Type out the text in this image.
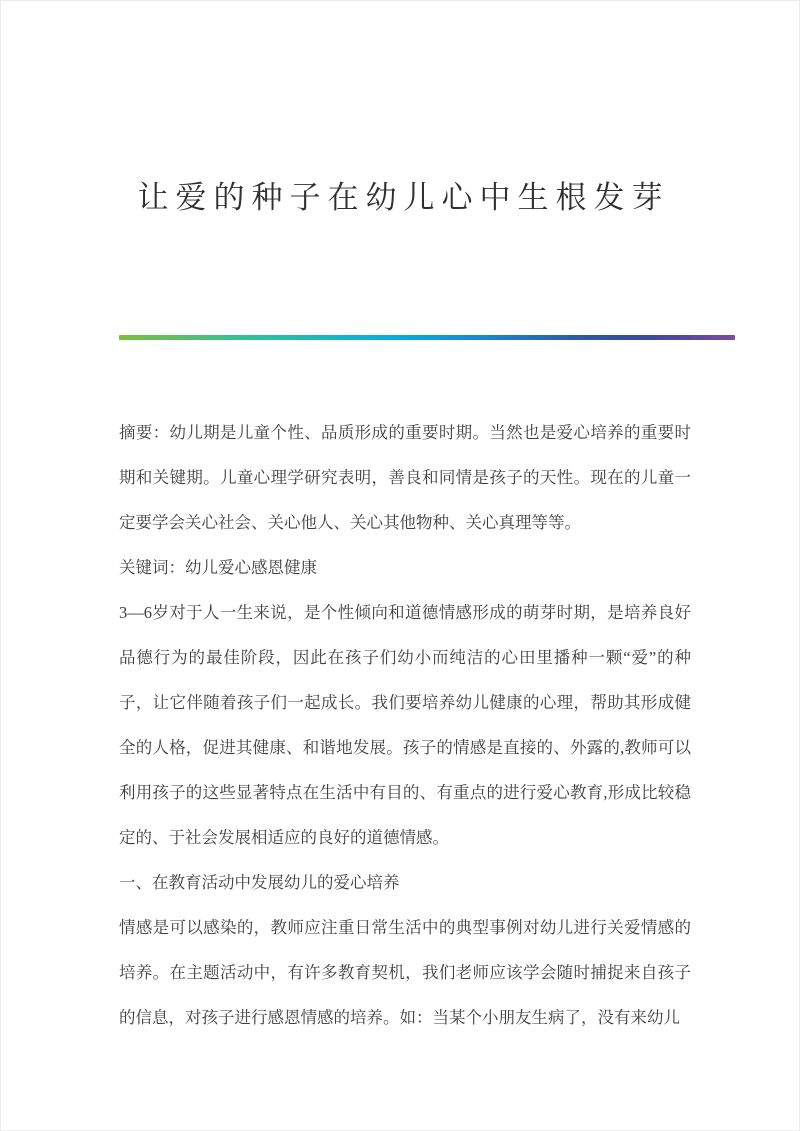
让爱的种子在幼儿心中生根发芽

摘要：幼儿期是儿童个性、品质形成的重要时期。当然也是爱心培养的重要时期和关键期。儿童心理学研究表明，善良和同情是孩子的天性。现在的儿童一定要学会关心社会、关心他人、关心其他物种、关心真理等等。

关键词：幼儿爱心感恩健康

3—6岁对于人一生来说，是个性倾向和道德情感形成的萌芽时期，是培养良好品德行为的最佳阶段，因此在孩子们幼小而纯洁的心田里播种一颗“爱”的种子，让它伴随着孩子们一起成长。我们要培养幼儿健康的心理，帮助其形成健全的人格，促进其健康、和谐地发展。孩子的情感是直接的、外露的,教师可以利用孩子的这些显著特点在生活中有目的、有重点的进行爱心教育,形成比较稳定的、于社会发展相适应的良好的道德情感。

一、在教育活动中发展幼儿的爱心培养

情感是可以感染的，教师应注重日常生活中的典型事例对幼儿进行关爱情感的培养。在主题活动中，有许多教育契机，我们老师应该学会随时捕捉来自孩子的信息，对孩子进行感恩情感的培养。如：当某个小朋友生病了，没有来幼儿
